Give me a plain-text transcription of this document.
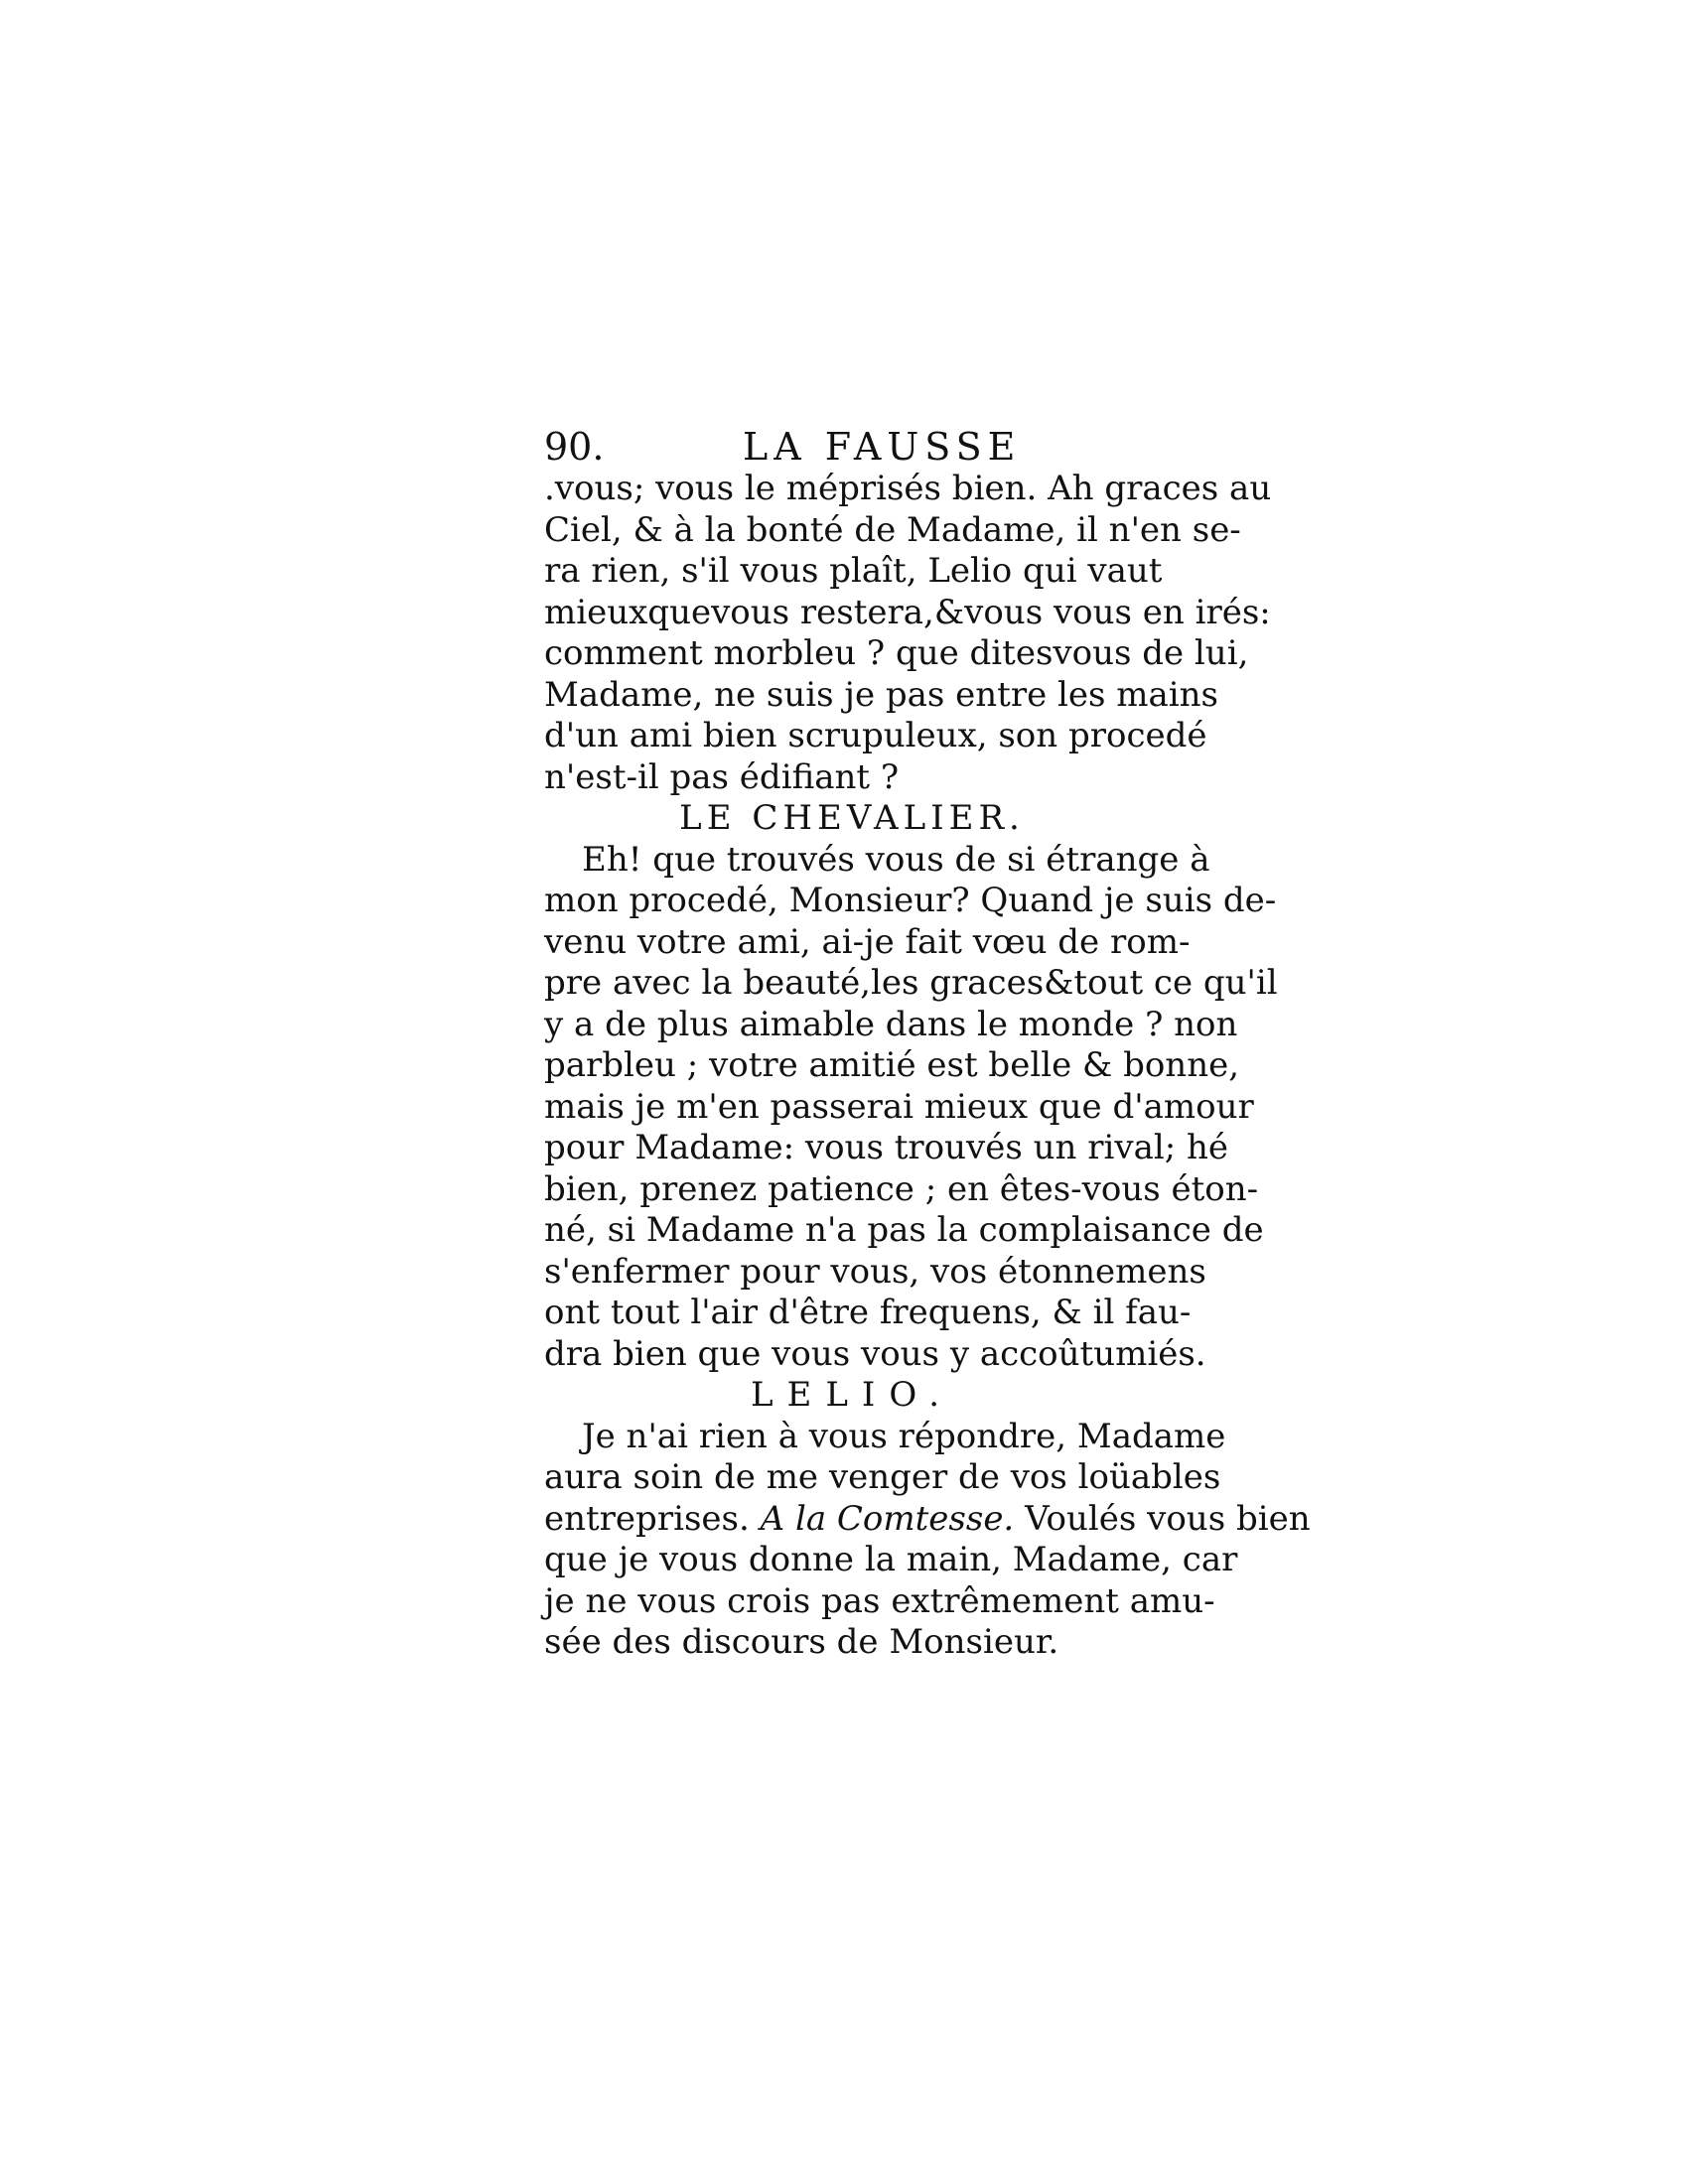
90.	LA FAUSSE
.vous; vous le méprisés bien. Ah graces au
Ciel, & à la bonté de Madame, il n'en se-
ra rien, s'il vous plaît, Lelio qui vaut
mieuxquevous restera,&vous vous en irés:
comment morbleu ? que ditesvous de lui,
Madame, ne suis je pas entre les mains
d'un ami bien scrupuleux, son procedé
n'est-il pas édifiant ?
LE CHEVALIER.
Eh! que trouvés vous de si étrange à
mon procedé, Monsieur? Quand je suis de-
venu votre ami, ai-je fait vœu de rom-
pre avec la beauté,les graces&tout ce qu'il
y a de plus aimable dans le monde ? non
parbleu ; votre amitié est belle & bonne,
mais je m'en passerai mieux que d'amour
pour Madame: vous trouvés un rival; hé
bien, prenez patience ; en êtes-vous éton-
né, si Madame n'a pas la complaisance de
s'enfermer pour vous, vos étonnemens
ont tout l'air d'être frequens, & il fau-
dra bien que vous vous y accoûtumiés.
LELIO.
Je n'ai rien à vous répondre, Madame
aura soin de me venger de vos loüables
entreprises. A la Comtesse. Voulés vous bien
que je vous donne la main, Madame, car
je ne vous crois pas extrêmement amu-
sée des discours de Monsieur.
